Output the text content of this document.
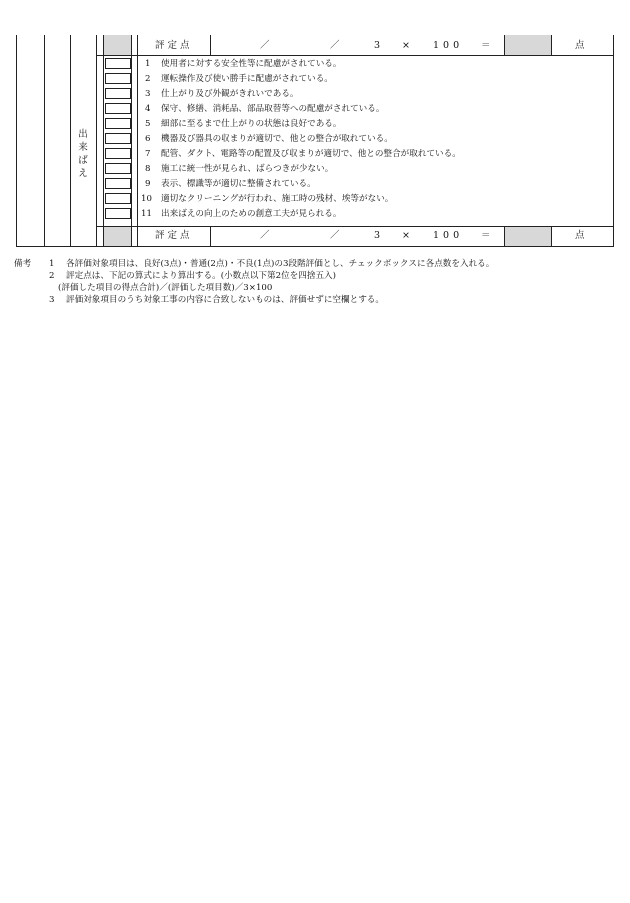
出
来
ば
え
評 定 点	／	／	3 × 100 ＝	点
1 使用者に対する安全性等に配慮がされている。
2 運転操作及び使い勝手に配慮がされている。
3 仕上がり及び外観がきれいである。
4 保守、修繕、消耗品、部品取替等への配慮がされている。
5 細部に至るまで仕上がりの状態は良好である。
6 機器及び器具の収まりが適切で、他との整合が取れている。
7 配管、ダクト、電路等の配置及び収まりが適切で、他との整合が取れている。
8 施工に統一性が見られ、ばらつきが少ない。
9 表示、標識等が適切に整備されている。
10 適切なクリーニングが行われ、施工時の残材、埃等がない。
11 出来ばえの向上のための創意工夫が見られる。
評 定 点	／	／	3 × 100 ＝	点
備考 1 各評価対象項目は、良好(3点)・普通(2点)・不良(1点)の3段階評価とし、チェックボックスに各点数を入れる。
2 評定点は、下記の算式により算出する。(小数点以下第2位を四捨五入)
(評価した項目の得点合計)／(評価した項目数)／3×100
3 評価対象項目のうち対象工事の内容に合致しないものは、評価せずに空欄とする。
